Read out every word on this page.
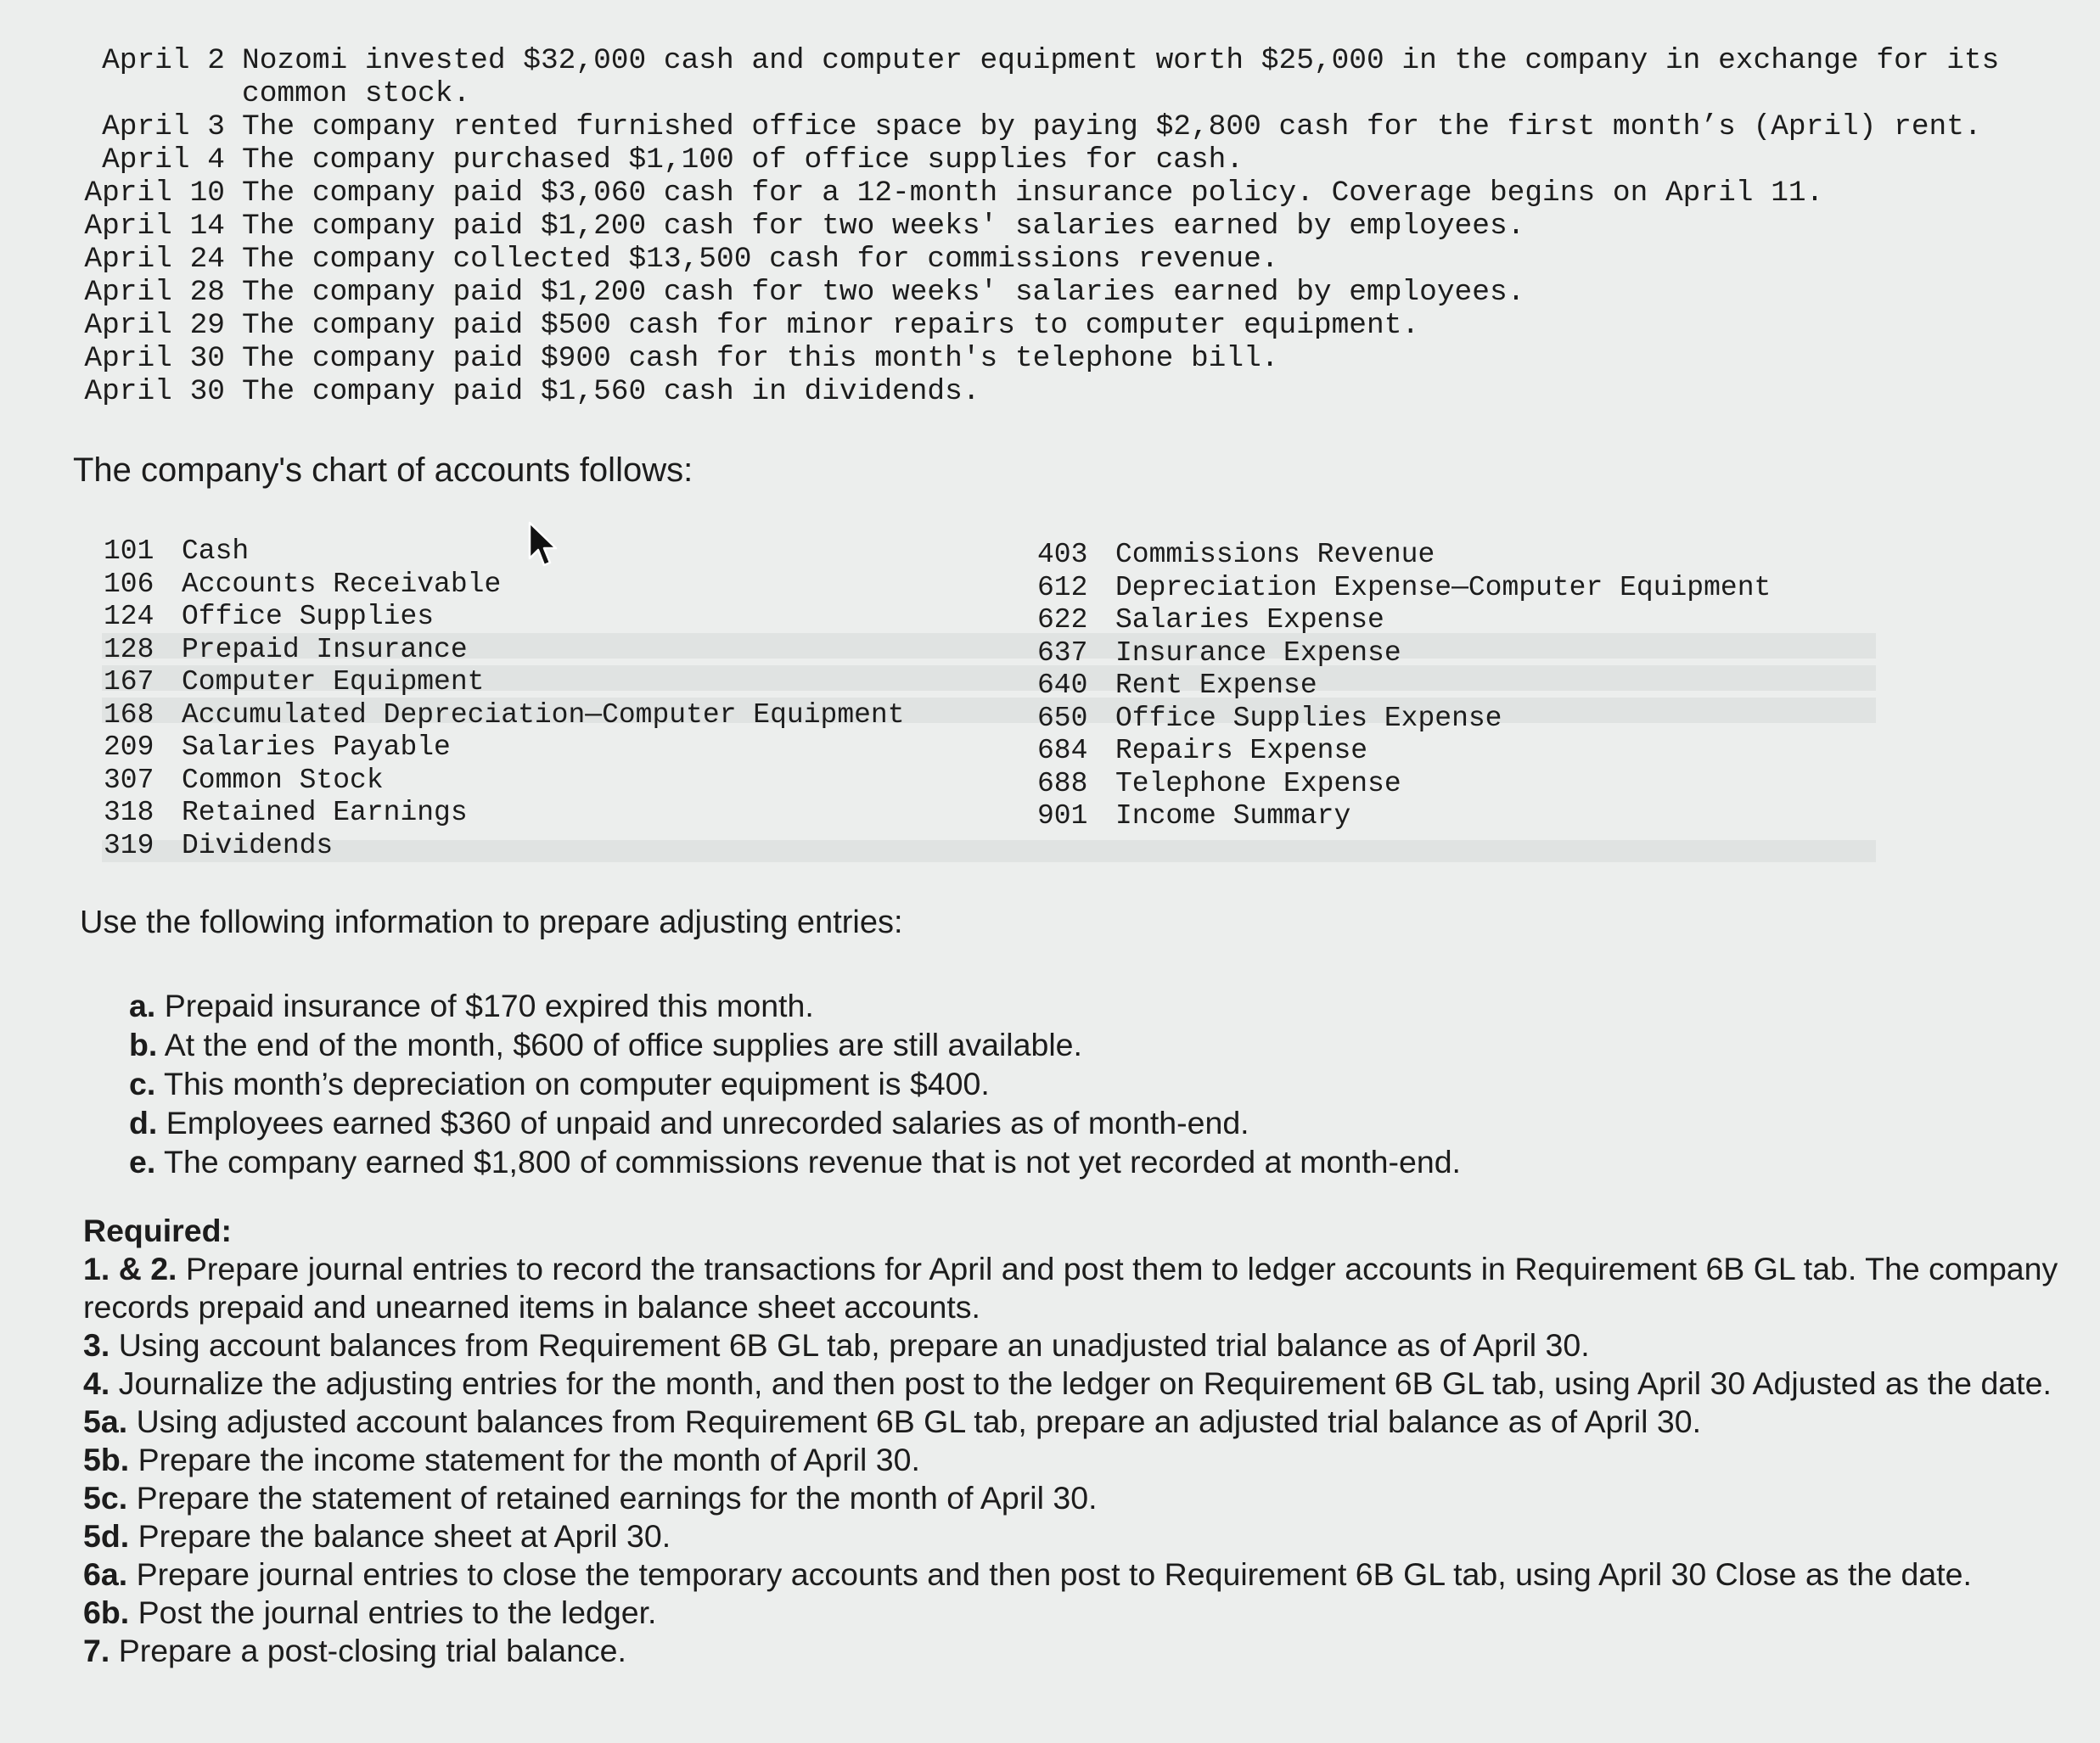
April 2 Nozomi invested $32,000 cash and computer equipment worth $25,000 in the company in exchange for its common stock.
April 3 The company rented furnished office space by paying $2,800 cash for the first month’s (April) rent.
April 4 The company purchased $1,100 of office supplies for cash.
April 10 The company paid $3,060 cash for a 12-month insurance policy. Coverage begins on April 11.
April 14 The company paid $1,200 cash for two weeks' salaries earned by employees.
April 24 The company collected $13,500 cash for commissions revenue.
April 28 The company paid $1,200 cash for two weeks' salaries earned by employees.
April 29 The company paid $500 cash for minor repairs to computer equipment.
April 30 The company paid $900 cash for this month's telephone bill.
April 30 The company paid $1,560 cash in dividends.
The company's chart of accounts follows:
101 Cash
106 Accounts Receivable
124 Office Supplies
128 Prepaid Insurance
167 Computer Equipment
168 Accumulated Depreciation—Computer Equipment
209 Salaries Payable
307 Common Stock
318 Retained Earnings
319 Dividends
403 Commissions Revenue
612 Depreciation Expense—Computer Equipment
622 Salaries Expense
637 Insurance Expense
640 Rent Expense
650 Office Supplies Expense
684 Repairs Expense
688 Telephone Expense
901 Income Summary
Use the following information to prepare adjusting entries:
a. Prepaid insurance of $170 expired this month.
b. At the end of the month, $600 of office supplies are still available.
c. This month’s depreciation on computer equipment is $400.
d. Employees earned $360 of unpaid and unrecorded salaries as of month-end.
e. The company earned $1,800 of commissions revenue that is not yet recorded at month-end.
Required:
1. & 2. Prepare journal entries to record the transactions for April and post them to ledger accounts in Requirement 6B GL tab. The company records prepaid and unearned items in balance sheet accounts.
3. Using account balances from Requirement 6B GL tab, prepare an unadjusted trial balance as of April 30.
4. Journalize the adjusting entries for the month, and then post to the ledger on Requirement 6B GL tab, using April 30 Adjusted as the date.
5a. Using adjusted account balances from Requirement 6B GL tab, prepare an adjusted trial balance as of April 30.
5b. Prepare the income statement for the month of April 30.
5c. Prepare the statement of retained earnings for the month of April 30.
5d. Prepare the balance sheet at April 30.
6a. Prepare journal entries to close the temporary accounts and then post to Requirement 6B GL tab, using April 30 Close as the date.
6b. Post the journal entries to the ledger.
7. Prepare a post-closing trial balance.
